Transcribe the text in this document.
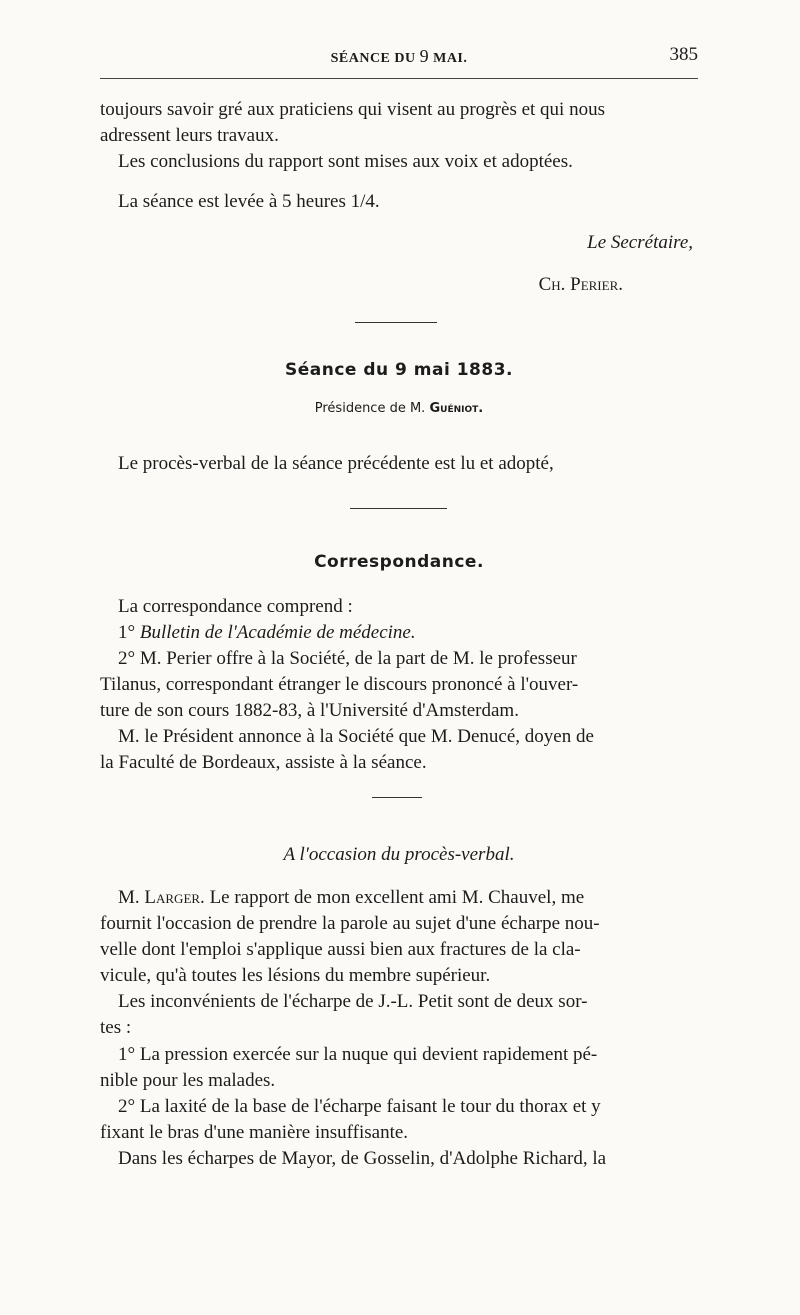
SÉANCE DU 9 MAI.	385
toujours savoir gré aux praticiens qui visent au progrès et qui nous
adressent leurs travaux.
Les conclusions du rapport sont mises aux voix et adoptées.
La séance est levée à 5 heures 1/4.
Le Secrétaire,
Ch. Perier.
Séance du 9 mai 1883.
Présidence de M. Guéniot.
Le procès-verbal de la séance précédente est lu et adopté,
Correspondance.
La correspondance comprend :
1° Bulletin de l'Académie de médecine.
2° M. Perier offre à la Société, de la part de M. le professeur
Tilanus, correspondant étranger le discours prononcé à l'ouver-
ture de son cours 1882-83, à l'Université d'Amsterdam.
M. le Président annonce à la Société que M. Denucé, doyen de
la Faculté de Bordeaux, assiste à la séance.
A l'occasion du procès-verbal.
M. Larger. Le rapport de mon excellent ami M. Chauvel, me
fournit l'occasion de prendre la parole au sujet d'une écharpe nou-
velle dont l'emploi s'applique aussi bien aux fractures de la cla-
vicule, qu'à toutes les lésions du membre supérieur.
Les inconvénients de l'écharpe de J.-L. Petit sont de deux sor-
tes :
1° La pression exercée sur la nuque qui devient rapidement pé-
nible pour les malades.
2° La laxité de la base de l'écharpe faisant le tour du thorax et y
fixant le bras d'une manière insuffisante.
Dans les écharpes de Mayor, de Gosselin, d'Adolphe Richard, la
